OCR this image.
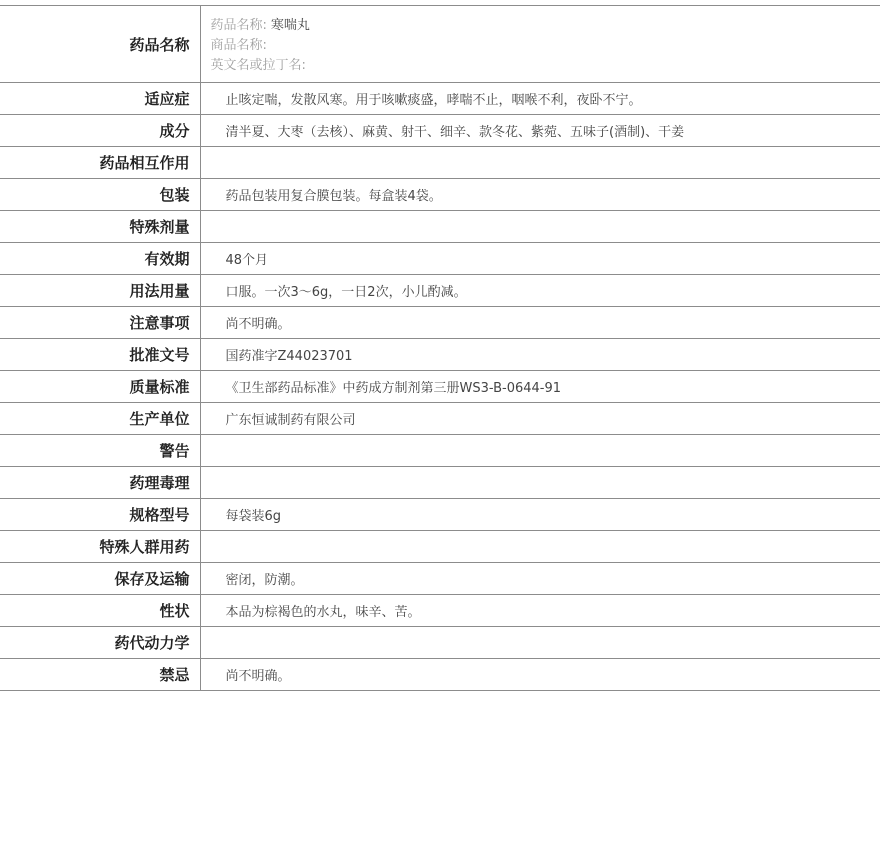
药品名称	药品名称: 寒喘丸
商品名称:
英文名或拉丁名:

适应症	止咳定喘，发散风寒。用于咳嗽痰盛，哮喘不止，咽喉不利，夜卧不宁。
成分	清半夏、大枣（去核）、麻黄、射干、细辛、款冬花、紫菀、五味子(酒制)、干姜
药品相互作用	
包装	药品包装用复合膜包装。每盒装4袋。
特殊剂量	
有效期	48个月
用法用量	口服。一次3～6g，一日2次，小儿酌减。
注意事项	尚不明确。
批准文号	国药准字Z44023701
质量标准	《卫生部药品标准》中药成方制剂第三册WS3-B-0644-91
生产单位	广东恒诚制药有限公司
警告	
药理毒理	
规格型号	每袋装6g
特殊人群用药	
保存及运输	密闭，防潮。
性状	本品为棕褐色的水丸，味辛、苦。
药代动力学	
禁忌	尚不明确。
